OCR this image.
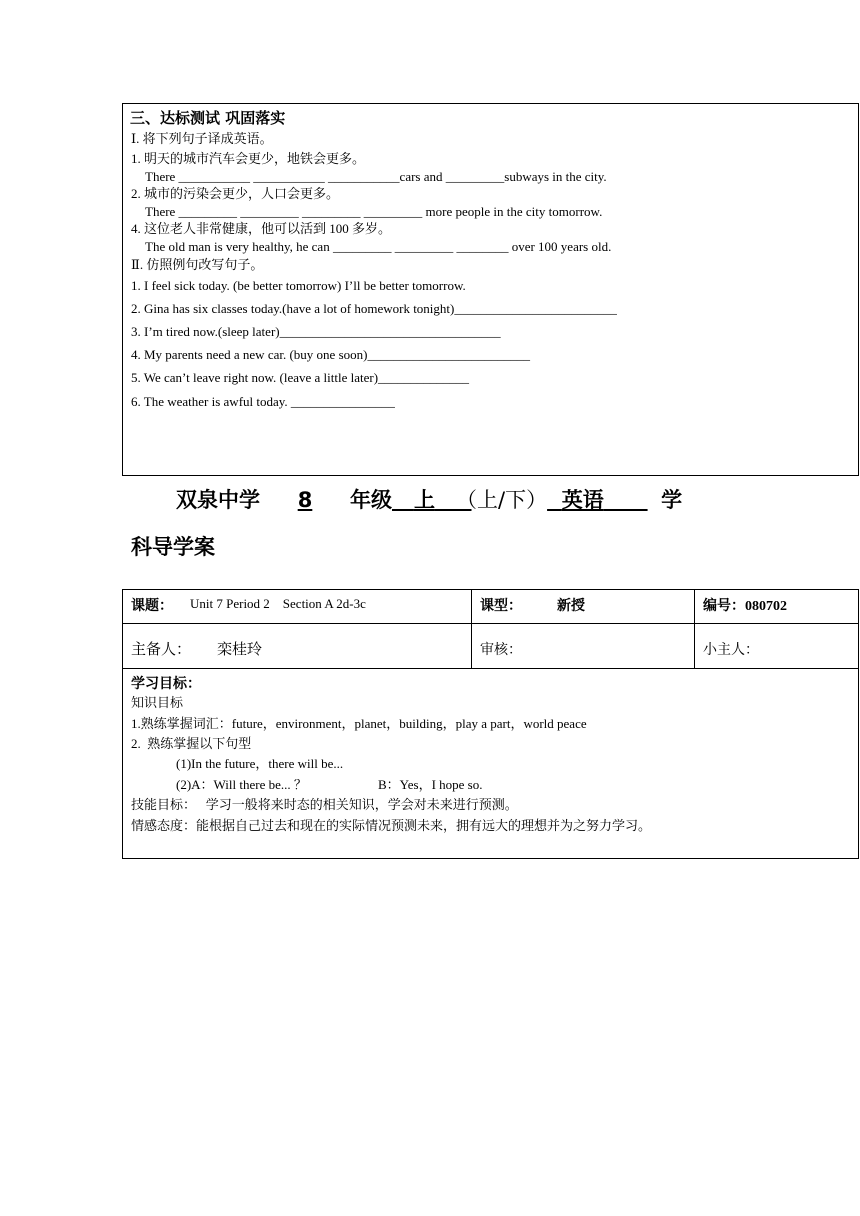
三、达标测试 巩固落实
Ⅰ. 将下列句子译成英语。
1. 明天的城市汽车会更少，地铁会更多。
There ___________ ___________ ___________cars and _________subways in the city.
2. 城市的污染会更少，人口会更多。
There _________ _________ _________ _________ more people in the city tomorrow.
4. 这位老人非常健康，他可以活到 100 多岁。
The old man is very healthy, he can _________ _________ ________ over 100 years old.
Ⅱ. 仿照例句改写句子。
1. I feel sick today. (be better tomorrow) I’ll be better tomorrow.
2. Gina has six classes today.(have a lot of homework tonight)_________________________
3. I’m tired now.(sleep later)__________________________________
4. My parents need a new car. (buy one soon)_________________________
5. We can’t leave right now. (leave a little later)______________
6. The weather is awful today. ________________
双泉中学 8 年级 上 （上/下） 英语	学
科导学案
课题： Unit 7 Period 2    Section A 2d-3c	课型：	新授	编号：080702
主备人： 栾桂玲	审核：	小主人：
学习目标：
知识目标
1.熟练掌握词汇：future，environment，planet，building，play a part，world peace
2.  熟练掌握以下句型
(1)In the future，there will be...
(2)A：Will there be... ？	B：Yes，I hope so.
技能目标：   学习一般将来时态的相关知识，学会对未来进行预测。
情感态度：能根据自己过去和现在的实际情况预测未来，拥有远大的理想并为之努力学习。
